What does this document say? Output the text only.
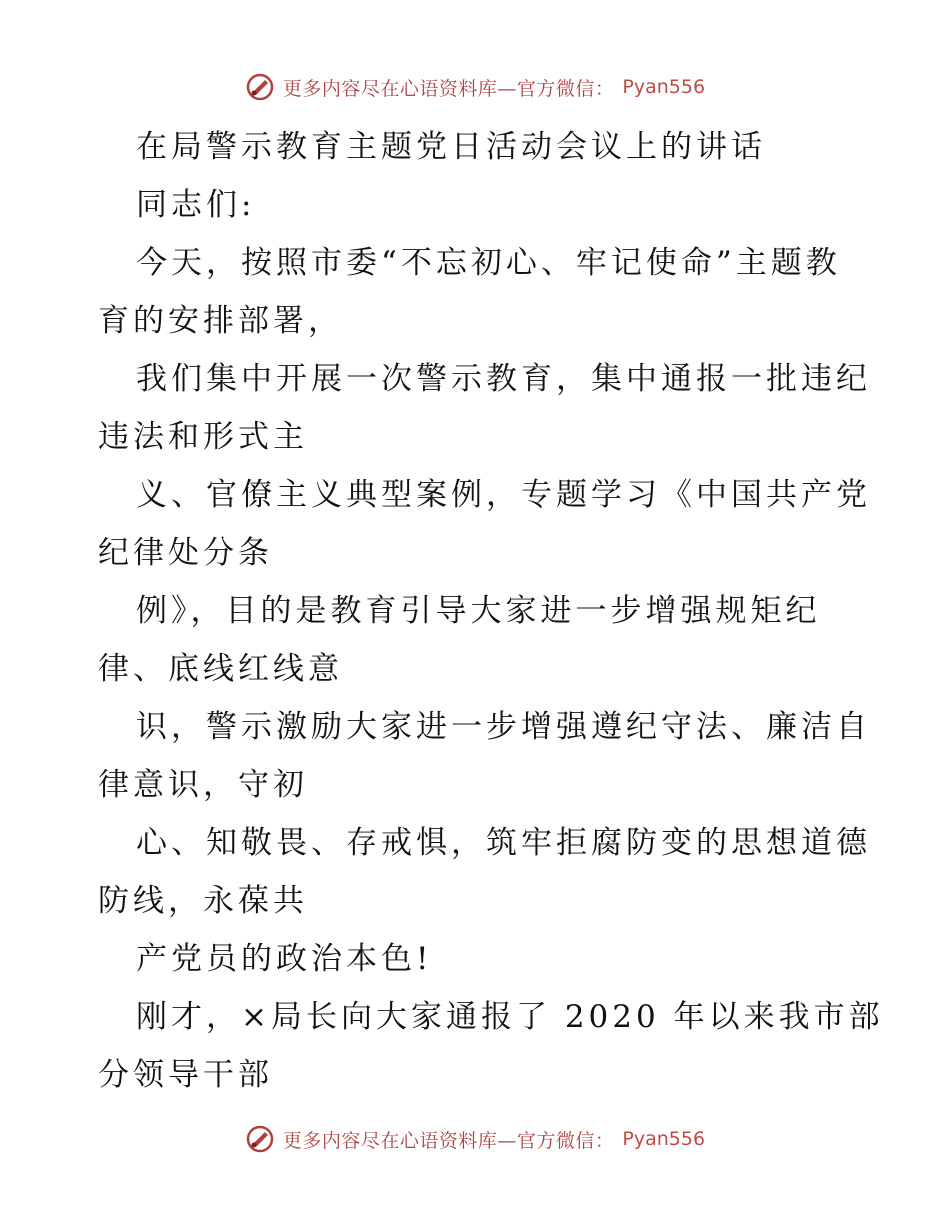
更多内容尽在心语资料库—官方微信： Pyan556
在局警示教育主题党日活动会议上的讲话
同志们:
今天，按照市委“不忘初心、牢记使命”主题教
育的安排部署，
我们集中开展一次警示教育，集中通报一批违纪
违法和形式主
义、官僚主义典型案例，专题学习《中国共产党
纪律处分条
例》，目的是教育引导大家进一步增强规矩纪
律、底线红线意
识，警示激励大家进一步增强遵纪守法、廉洁自
律意识，守初
心、知敬畏、存戒惧，筑牢拒腐防变的思想道德
防线，永葆共
产党员的政治本色!
刚才，×局长向大家通报了 2020 年以来我市部
分领导干部
更多内容尽在心语资料库—官方微信： Pyan556
